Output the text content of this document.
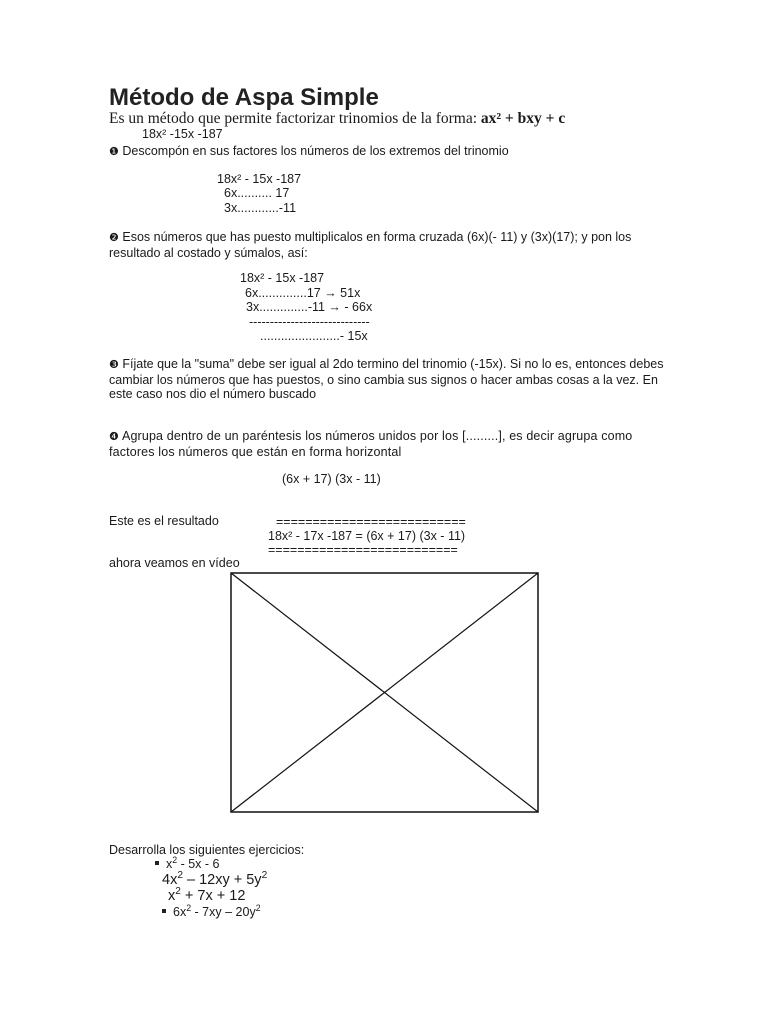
Método de Aspa Simple
Es un método que permite factorizar trinomios de la forma: ax² + bxy + c
18x² -15x -187
❶ Descompón en sus factores los números de los extremos del trinomio
18x² - 15x -187
6x.......... 17
3x............-11
❷ Esos números que has puesto multiplicalos en forma cruzada (6x)(- 11) y (3x)(17); y pon los resultado al costado y súmalos, así:
18x² - 15x -187
6x..............17 → 51x
3x..............-11 → - 66x
-----------------------------
.......................- 15x
❸ Fíjate que la "suma" debe ser igual al 2do termino del trinomio (-15x). Si no lo es, entonces debes cambiar los números que has puestos, o sino cambia sus signos o hacer ambas cosas a la vez. En este caso nos dio el número buscado
❹ Agrupa dentro de un paréntesis los números unidos por los [.........], es decir agrupa como factores los números que están en forma horizontal
(6x + 17) (3x - 11)
Este es el resultado	==========================
18x² - 17x -187 = (6x + 17) (3x - 11)
==========================
ahora veamos en vídeo
Desarrolla los siguientes ejercicios:
$x^2 - 5x - 6$
$4x^2 - 12xy + 5y^2$
$x^2 + 7x + 12$
$6x^2 - 7xy - 20y^2$
